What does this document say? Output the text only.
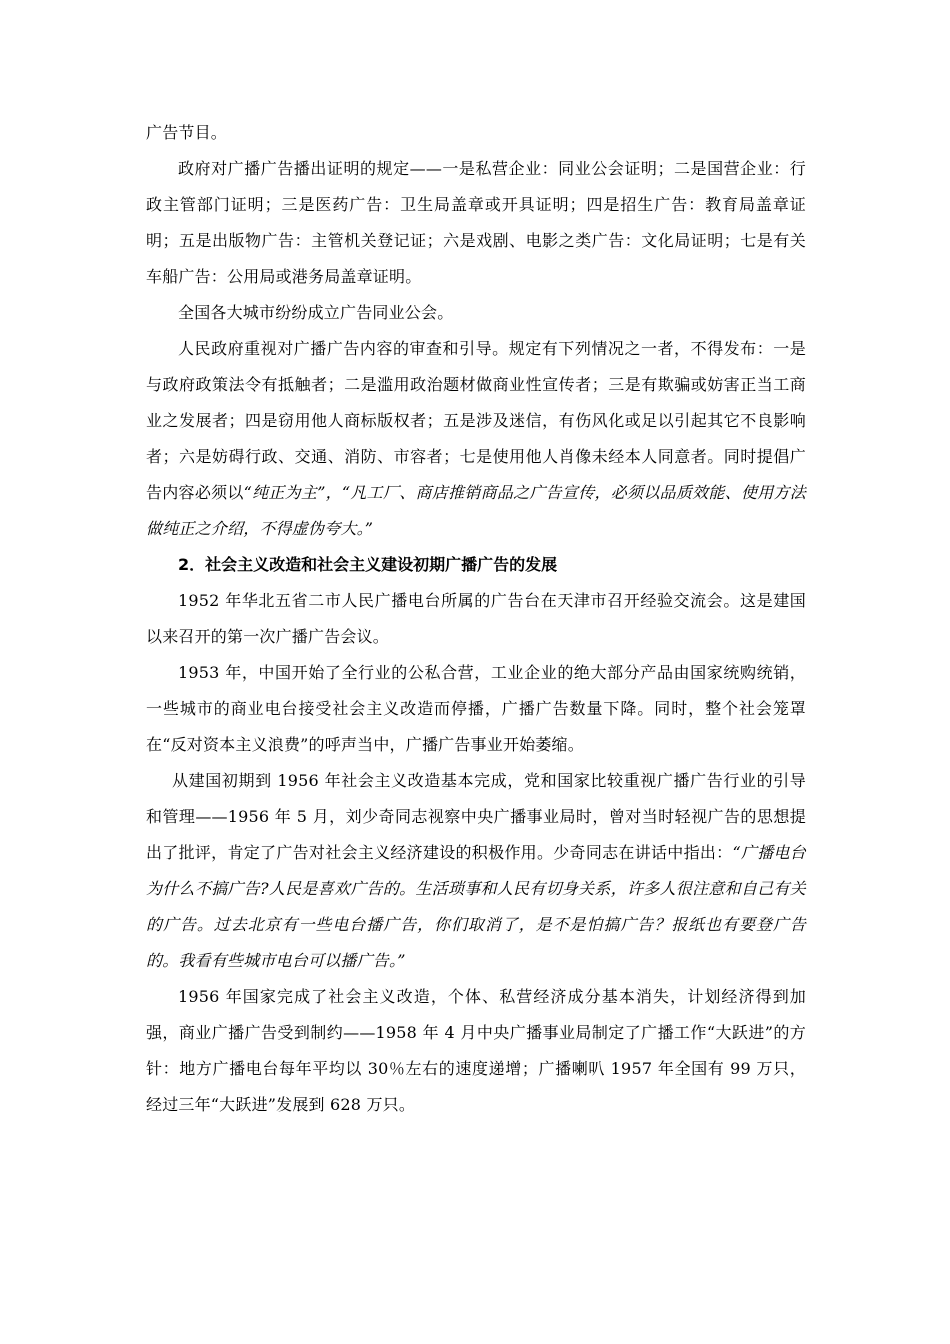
广告节目。

政府对广播广告播出证明的规定——一是私营企业：同业公会证明；二是国营企业：行政主管部门证明；三是医药广告：卫生局盖章或开具证明；四是招生广告：教育局盖章证明；五是出版物广告：主管机关登记证；六是戏剧、电影之类广告：文化局证明；七是有关车船广告：公用局或港务局盖章证明。

全国各大城市纷纷成立广告同业公会。

人民政府重视对广播广告内容的审查和引导。规定有下列情况之一者，不得发布：一是与政府政策法令有抵触者；二是滥用政治题材做商业性宣传者；三是有欺骗或妨害正当工商业之发展者；四是窃用他人商标版权者；五是涉及迷信，有伤风化或足以引起其它不良影响者；六是妨碍行政、交通、消防、市容者；七是使用他人肖像未经本人同意者。同时提倡广告内容必须以“纯正为主”，“凡工厂、商店推销商品之广告宣传，必须以品质效能、使用方法做纯正之介绍，不得虚伪夸大。”

2．社会主义改造和社会主义建设初期广播广告的发展

1952 年华北五省二市人民广播电台所属的广告台在天津市召开经验交流会。这是建国以来召开的第一次广播广告会议。

1953 年，中国开始了全行业的公私合营，工业企业的绝大部分产品由国家统购统销，一些城市的商业电台接受社会主义改造而停播，广播广告数量下降。同时，整个社会笼罩在“反对资本主义浪费”的呼声当中，广播广告事业开始萎缩。

从建国初期到 1956 年社会主义改造基本完成，党和国家比较重视广播广告行业的引导和管理——1956 年 5 月，刘少奇同志视察中央广播事业局时，曾对当时轻视广告的思想提出了批评，肯定了广告对社会主义经济建设的积极作用。少奇同志在讲话中指出：“广播电台为什么不搞广告?人民是喜欢广告的。生活琐事和人民有切身关系，许多人很注意和自己有关的广告。过去北京有一些电台播广告，你们取消了，是不是怕搞广告？报纸也有要登广告的。我看有些城市电台可以播广告。”

1956 年国家完成了社会主义改造，个体、私营经济成分基本消失，计划经济得到加强，商业广播广告受到制约——1958 年 4 月中央广播事业局制定了广播工作“大跃进”的方针：地方广播电台每年平均以 30％左右的速度递增；广播喇叭 1957 年全国有 99 万只，经过三年“大跃进”发展到 628 万只。
